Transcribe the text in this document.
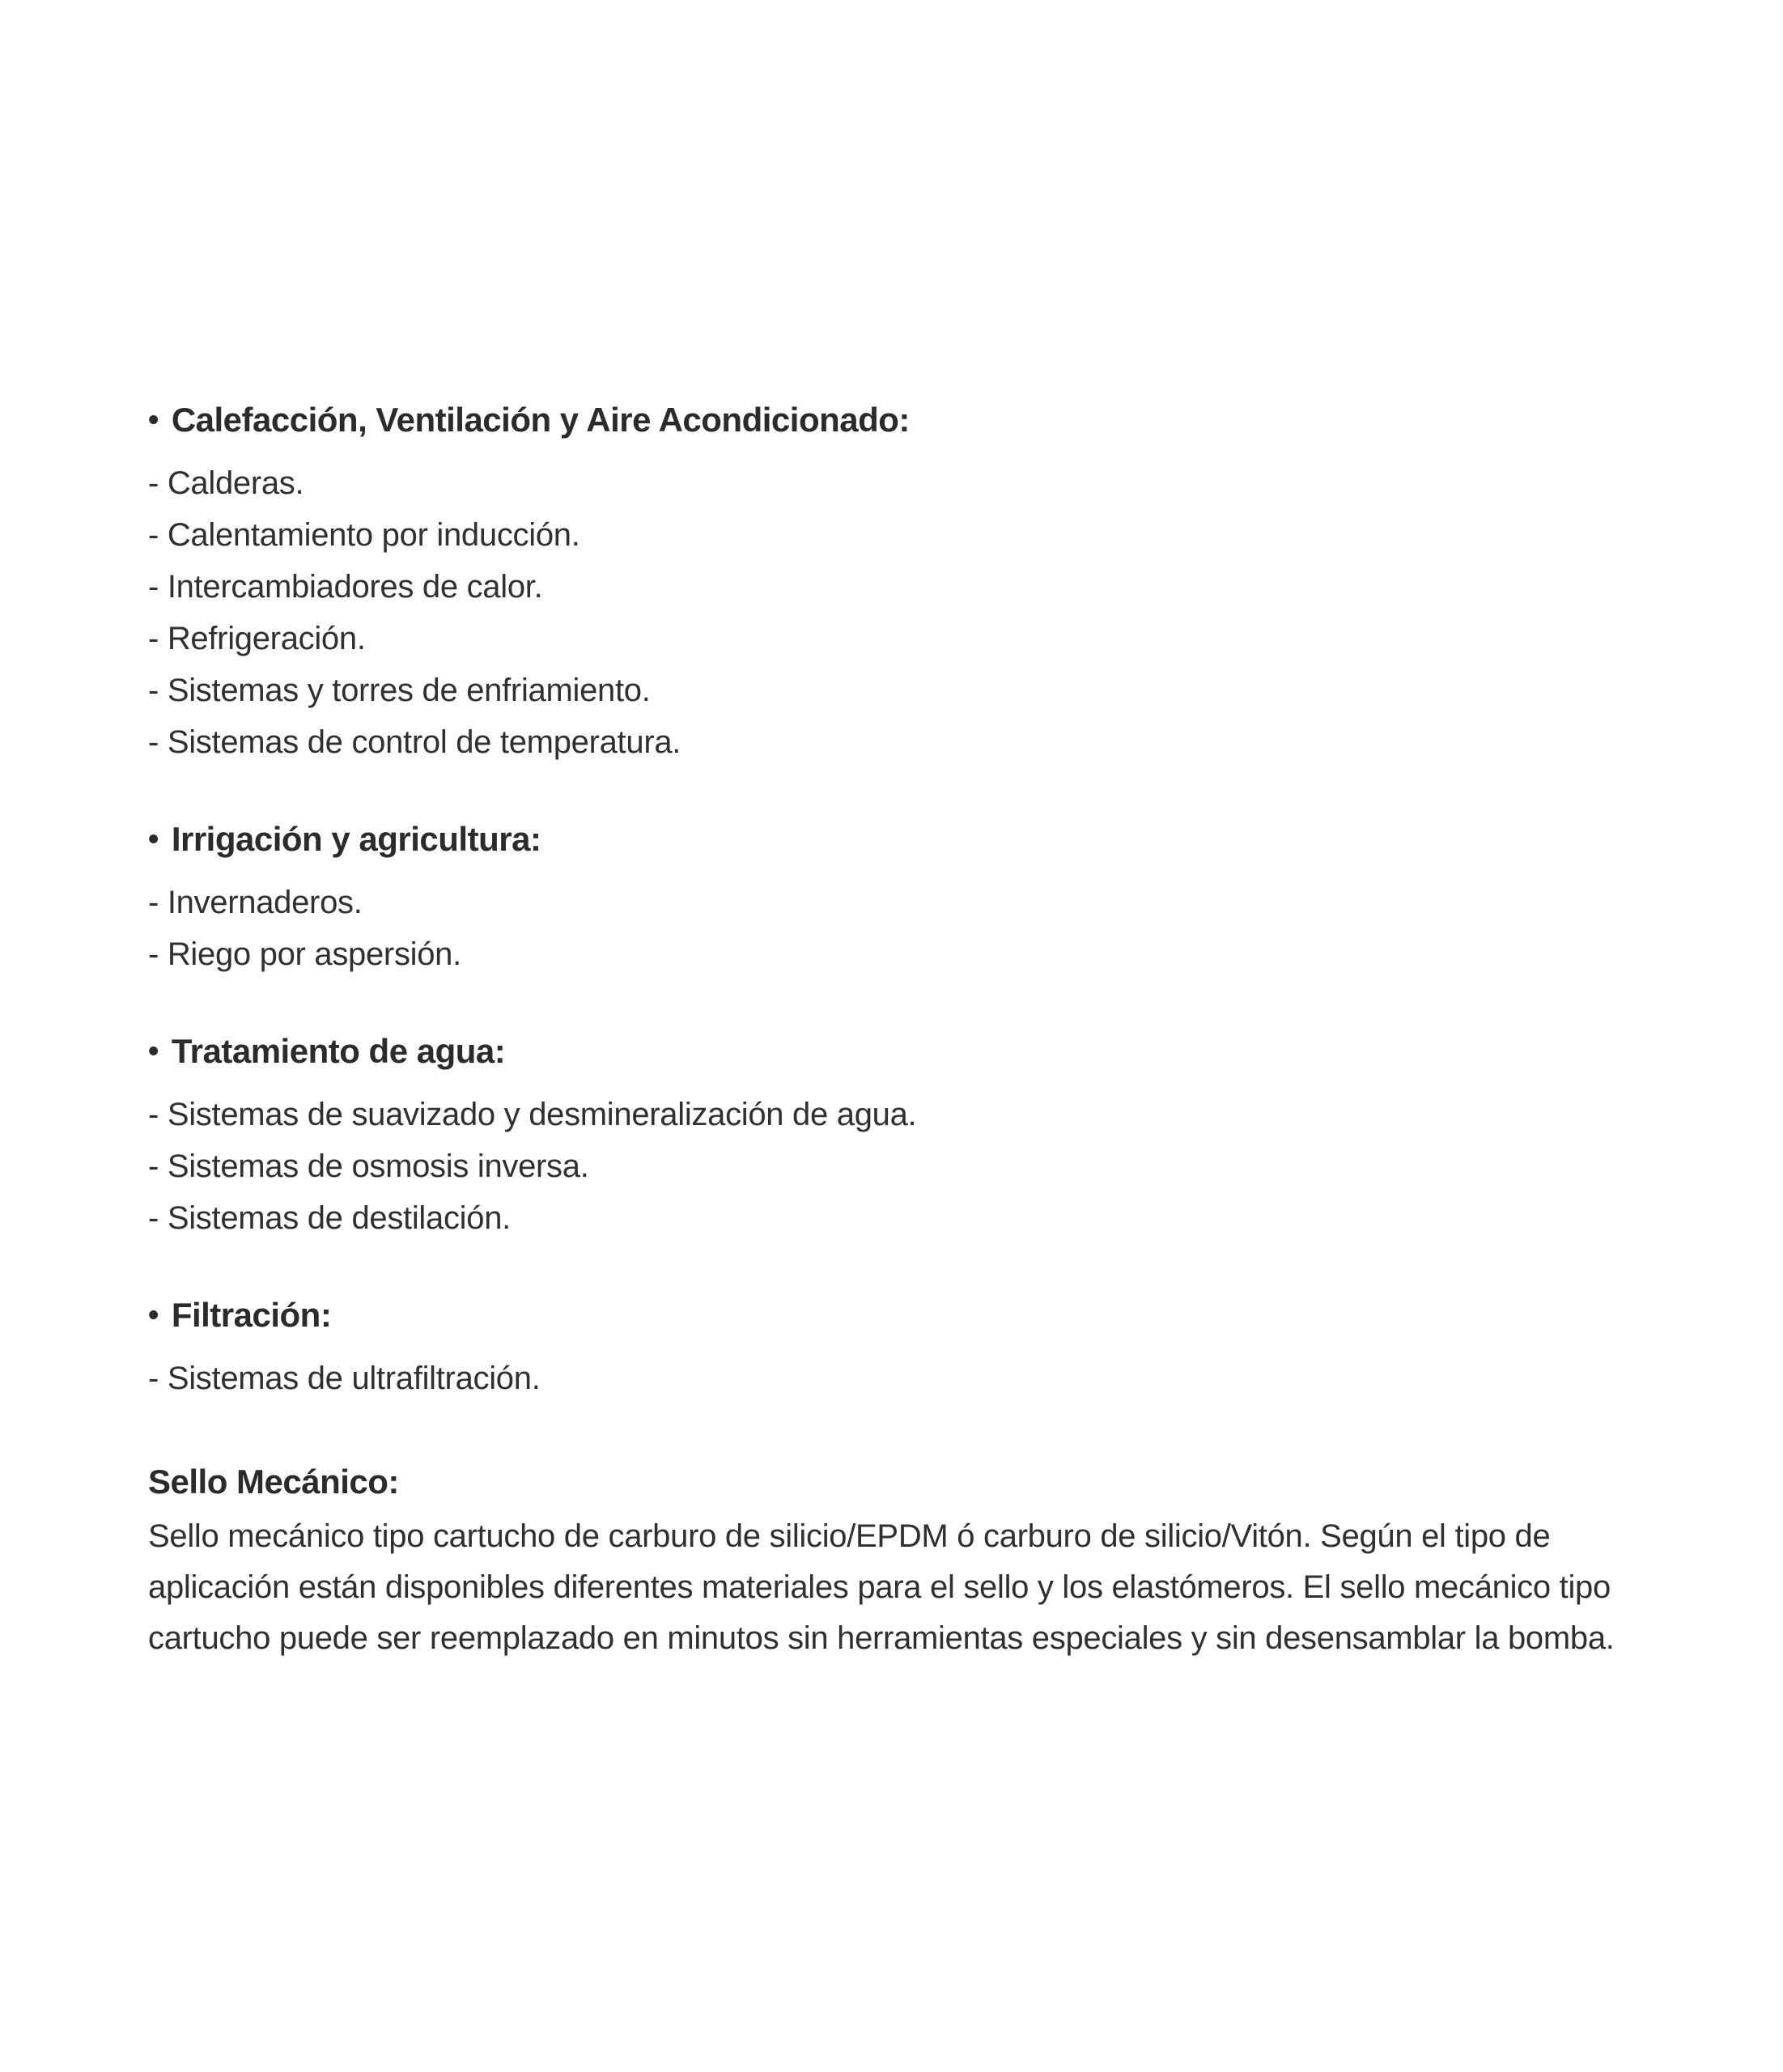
• Calefacción, Ventilación y Aire Acondicionado:
- Calderas.
- Calentamiento por inducción.
- Intercambiadores de calor.
- Refrigeración.
- Sistemas y torres de enfriamiento.
- Sistemas de control de temperatura.
• Irrigación y agricultura:
- Invernaderos.
- Riego por aspersión.
• Tratamiento de agua:
- Sistemas de suavizado y desmineralización de agua.
- Sistemas de osmosis inversa.
- Sistemas de destilación.
• Filtración:
- Sistemas de ultrafiltración.
Sello Mecánico:

Sello mecánico tipo cartucho de carburo de silicio/EPDM ó carburo de silicio/Vitón. Según el tipo de aplicación están disponibles diferentes materiales para el sello y los elastómeros. El sello mecánico tipo cartucho puede ser reemplazado en minutos sin herramientas especiales y sin desensamblar la bomba.
